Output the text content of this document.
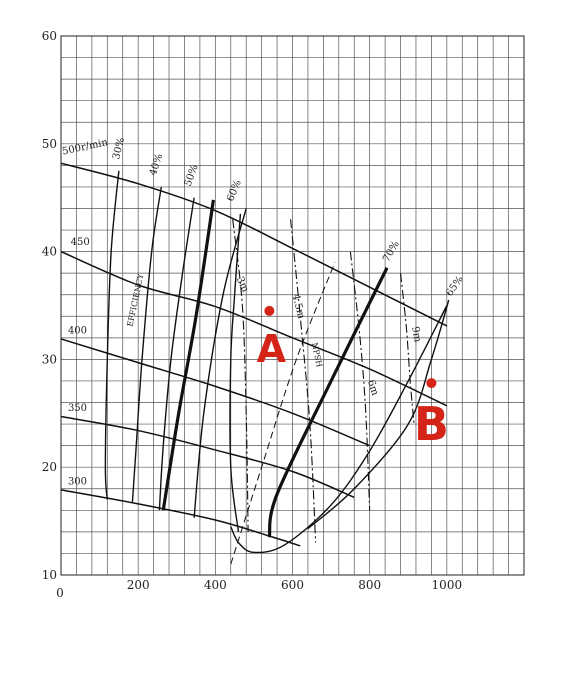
0
200	400	600	800	1000
10
20
30
40
50
60
500r/min
450
400
350
300
30%
40% 50%
60%
70%
65%
3m
4.5m
6m
9m
NPSH
EFFICIENCY
A
B
